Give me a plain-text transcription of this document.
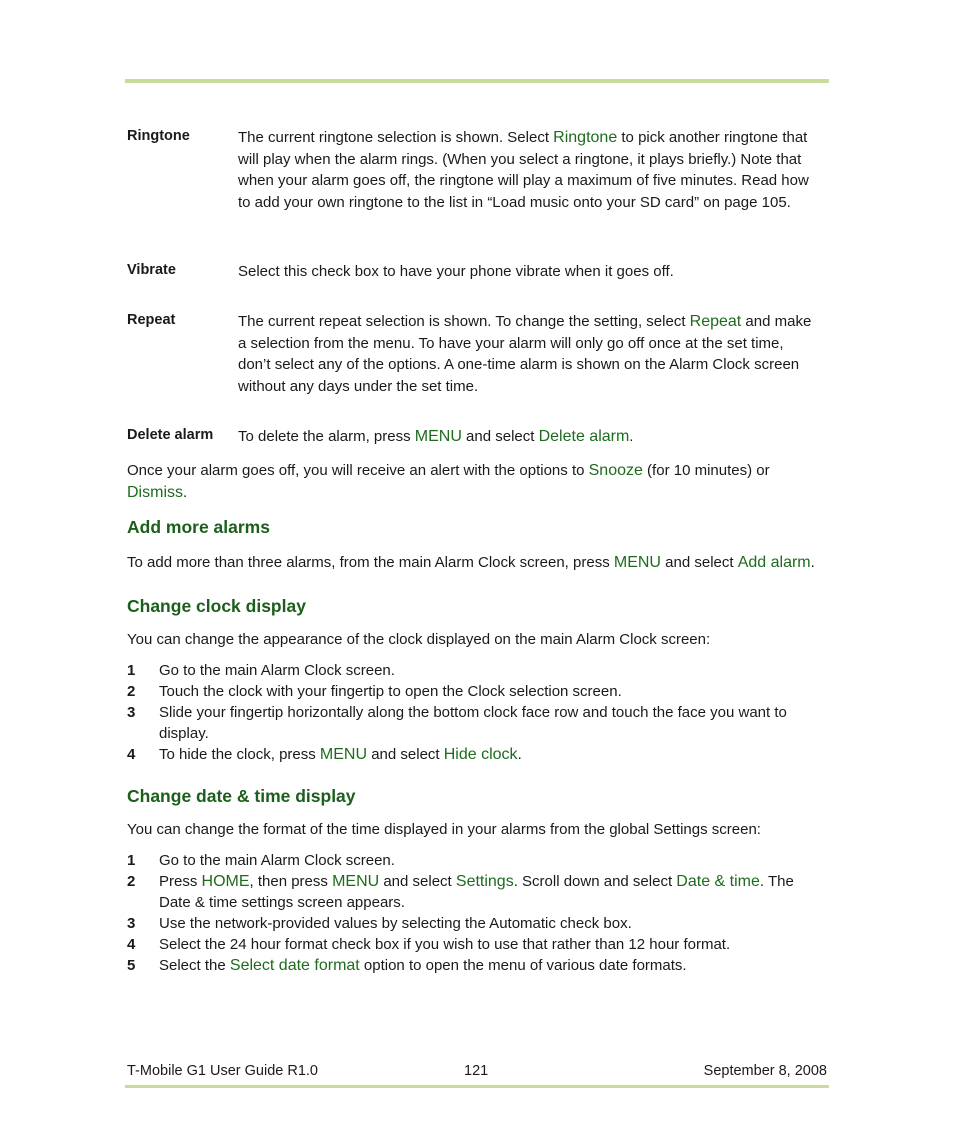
Ringtone	The current ringtone selection is shown. Select Ringtone to pick another ringtone that will play when the alarm rings. (When you select a ringtone, it plays briefly.) Note that when your alarm goes off, the ringtone will play a maximum of five minutes. Read how to add your own ringtone to the list in “Load music onto your SD card” on page 105.
Vibrate	Select this check box to have your phone vibrate when it goes off.
Repeat	The current repeat selection is shown. To change the setting, select Repeat and make a selection from the menu. To have your alarm will only go off once at the set time, don’t select any of the options. A one-time alarm is shown on the Alarm Clock screen without any days under the set time.
Delete alarm	To delete the alarm, press MENU and select Delete alarm.

Once your alarm goes off, you will receive an alert with the options to Snooze (for 10 minutes) or Dismiss.

Add more alarms

To add more than three alarms, from the main Alarm Clock screen, press MENU and select Add alarm.

Change clock display

You can change the appearance of the clock displayed on the main Alarm Clock screen:

1	Go to the main Alarm Clock screen.
2	Touch the clock with your fingertip to open the Clock selection screen.
3	Slide your fingertip horizontally along the bottom clock face row and touch the face you want to display.
4	To hide the clock, press MENU and select Hide clock.
Change date & time display

You can change the format of the time displayed in your alarms from the global Settings screen:

1	Go to the main Alarm Clock screen.
2	Press HOME, then press MENU and select Settings. Scroll down and select Date & time. The Date & time settings screen appears.
3	Use the network-provided values by selecting the Automatic check box.
4	Select the 24 hour format check box if you wish to use that rather than 12 hour format.
5	Select the Select date format option to open the menu of various date formats.
T-Mobile G1 User Guide R1.0	121	September 8, 2008
